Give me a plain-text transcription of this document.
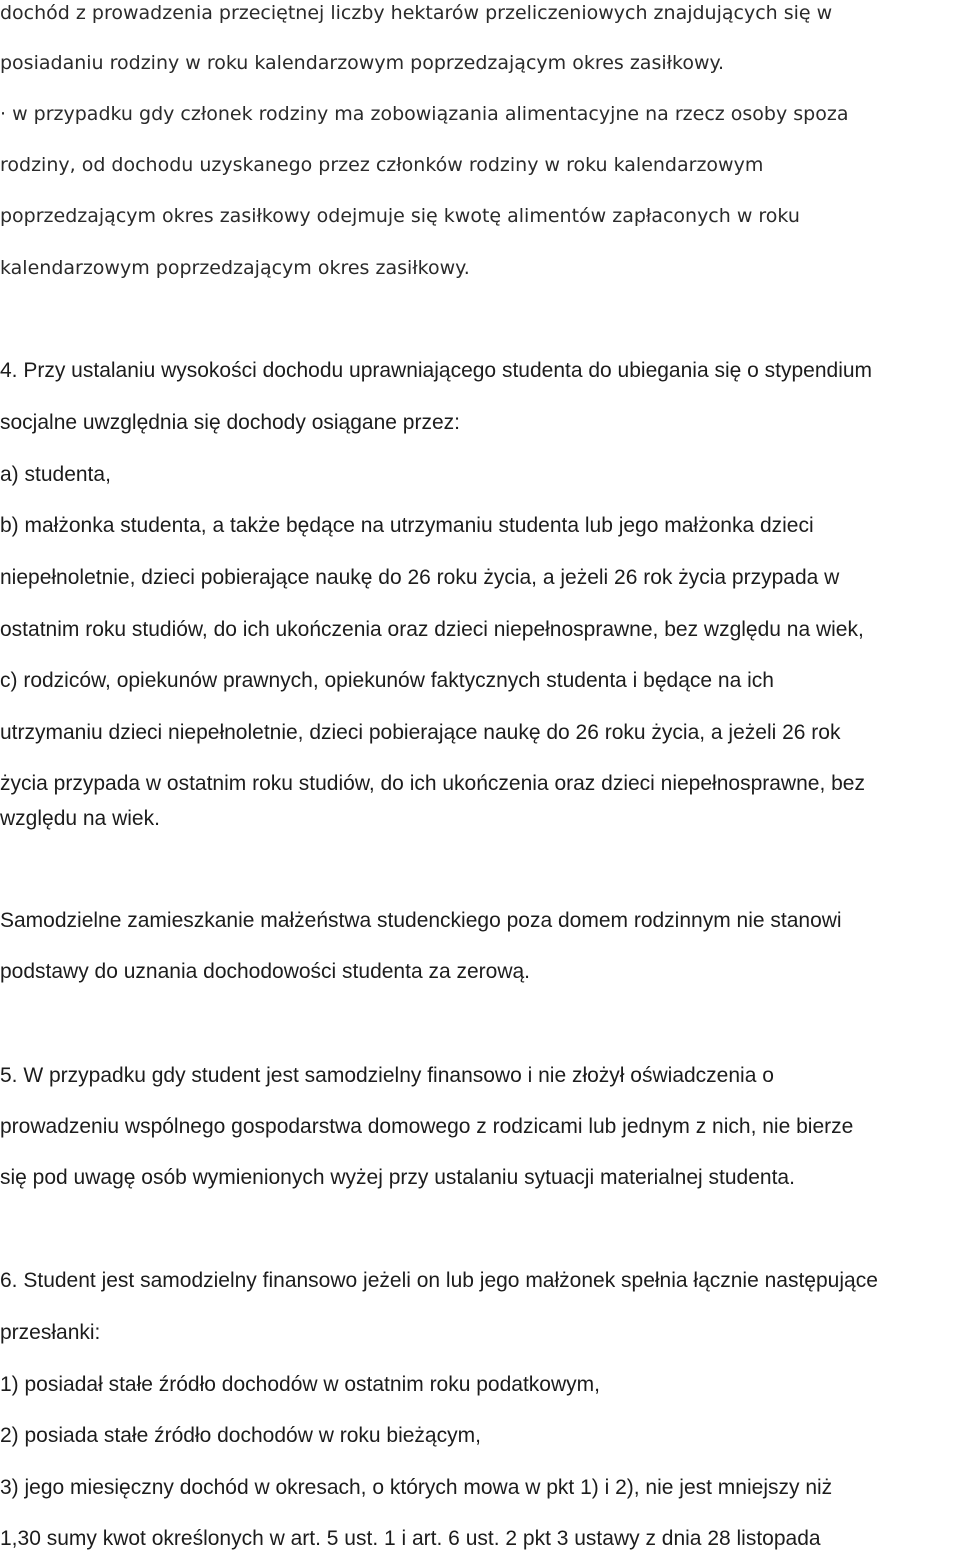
dochód z prowadzenia przeciętnej liczby hektarów przeliczeniowych znajdujących się w
posiadaniu rodziny w roku kalendarzowym poprzedzającym okres zasiłkowy.
· w przypadku gdy członek rodziny ma zobowiązania alimentacyjne na rzecz osoby spoza
rodziny, od dochodu uzyskanego przez członków rodziny w roku kalendarzowym
poprzedzającym okres zasiłkowy odejmuje się kwotę alimentów zapłaconych w roku
kalendarzowym poprzedzającym okres zasiłkowy.
4. Przy ustalaniu wysokości dochodu uprawniającego studenta do ubiegania się o stypendium
socjalne uwzględnia się dochody osiągane przez:
a) studenta,
b) małżonka studenta, a także będące na utrzymaniu studenta lub jego małżonka dzieci
niepełnoletnie, dzieci pobierające naukę do 26 roku życia, a jeżeli 26 rok życia przypada w
ostatnim roku studiów, do ich ukończenia oraz dzieci niepełnosprawne, bez względu na wiek,
c) rodziców, opiekunów prawnych, opiekunów faktycznych studenta i będące na ich
utrzymaniu dzieci niepełnoletnie, dzieci pobierające naukę do 26 roku życia, a jeżeli 26 rok
życia przypada w ostatnim roku studiów, do ich ukończenia oraz dzieci niepełnosprawne, bez
względu na wiek.
Samodzielne zamieszkanie małżeństwa studenckiego poza domem rodzinnym nie stanowi
podstawy do uznania dochodowości studenta za zerową.
5. W przypadku gdy student jest samodzielny finansowo i nie złożył oświadczenia o
prowadzeniu wspólnego gospodarstwa domowego z rodzicami lub jednym z nich, nie bierze
się pod uwagę osób wymienionych wyżej przy ustalaniu sytuacji materialnej studenta.
6. Student jest samodzielny finansowo jeżeli on lub jego małżonek spełnia łącznie następujące
przesłanki:
1) posiadał stałe źródło dochodów w ostatnim roku podatkowym,
2) posiada stałe źródło dochodów w roku bieżącym,
3) jego miesięczny dochód w okresach, o których mowa w pkt 1) i 2), nie jest mniejszy niż
1,30 sumy kwot określonych w art. 5 ust. 1 i art. 6 ust. 2 pkt 3 ustawy z dnia 28 listopada
